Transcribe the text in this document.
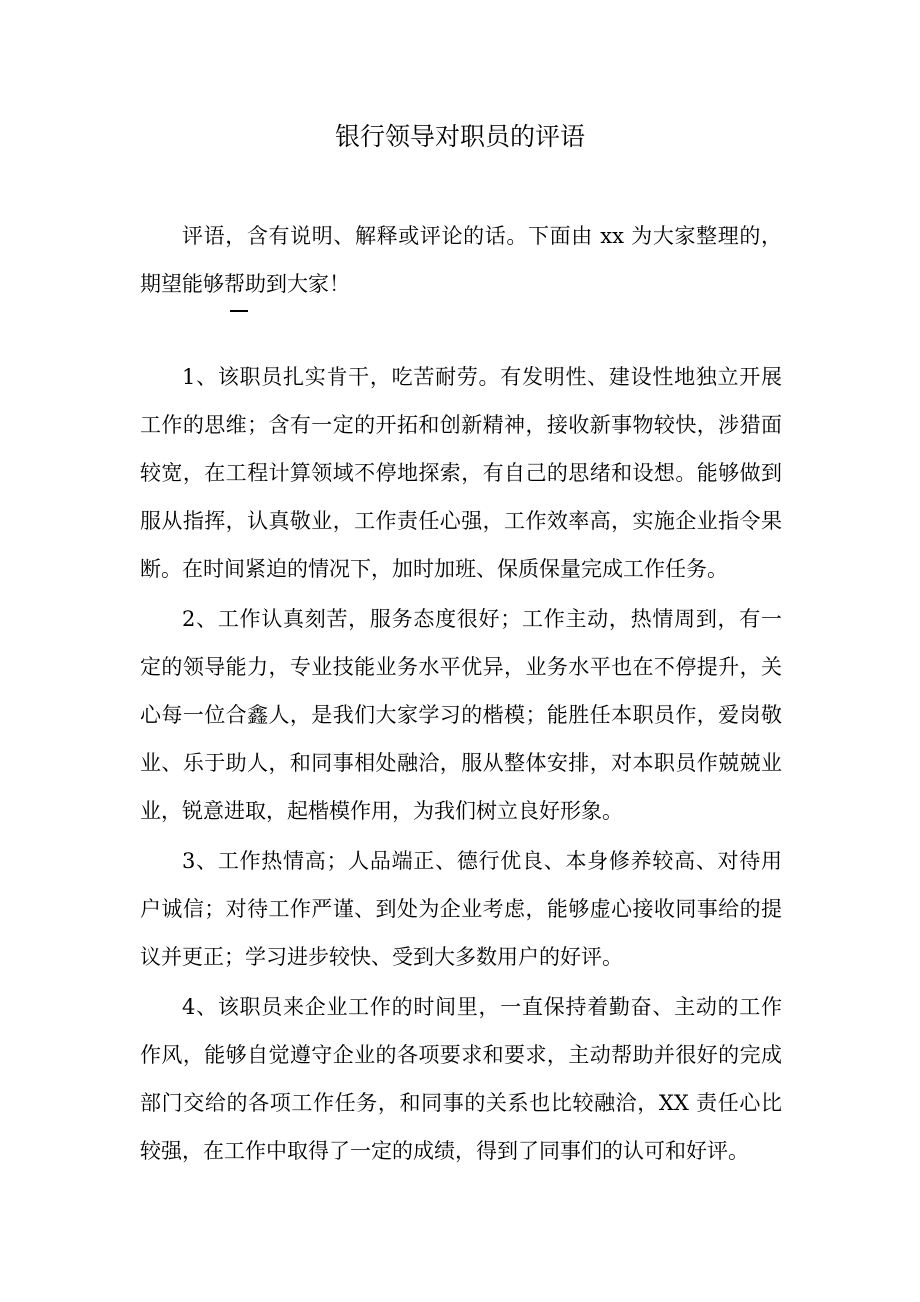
银行领导对职员的评语

评语，含有说明、解释或评论的话。下面由 xx 为大家整理的，期望能够帮助到大家！

1、该职员扎实肯干，吃苦耐劳。有发明性、建设性地独立开展工作的思维；含有一定的开拓和创新精神，接收新事物较快，涉猎面较宽，在工程计算领域不停地探索，有自己的思绪和设想。能够做到服从指挥，认真敬业，工作责任心强，工作效率高，实施企业指令果断。在时间紧迫的情况下，加时加班、保质保量完成工作任务。

2、工作认真刻苦，服务态度很好；工作主动，热情周到，有一定的领导能力，专业技能业务水平优异，业务水平也在不停提升，关心每一位合鑫人，是我们大家学习的楷模；能胜任本职员作，爱岗敬业、乐于助人，和同事相处融洽，服从整体安排，对本职员作兢兢业业，锐意进取，起楷模作用，为我们树立良好形象。

3、工作热情高；人品端正、德行优良、本身修养较高、对待用户诚信；对待工作严谨、到处为企业考虑，能够虚心接收同事给的提议并更正；学习进步较快、受到大多数用户的好评。

4、该职员来企业工作的时间里，一直保持着勤奋、主动的工作作风，能够自觉遵守企业的各项要求和要求，主动帮助并很好的完成部门交给的各项工作任务，和同事的关系也比较融洽，XX 责任心比较强，在工作中取得了一定的成绩，得到了同事们的认可和好评。
